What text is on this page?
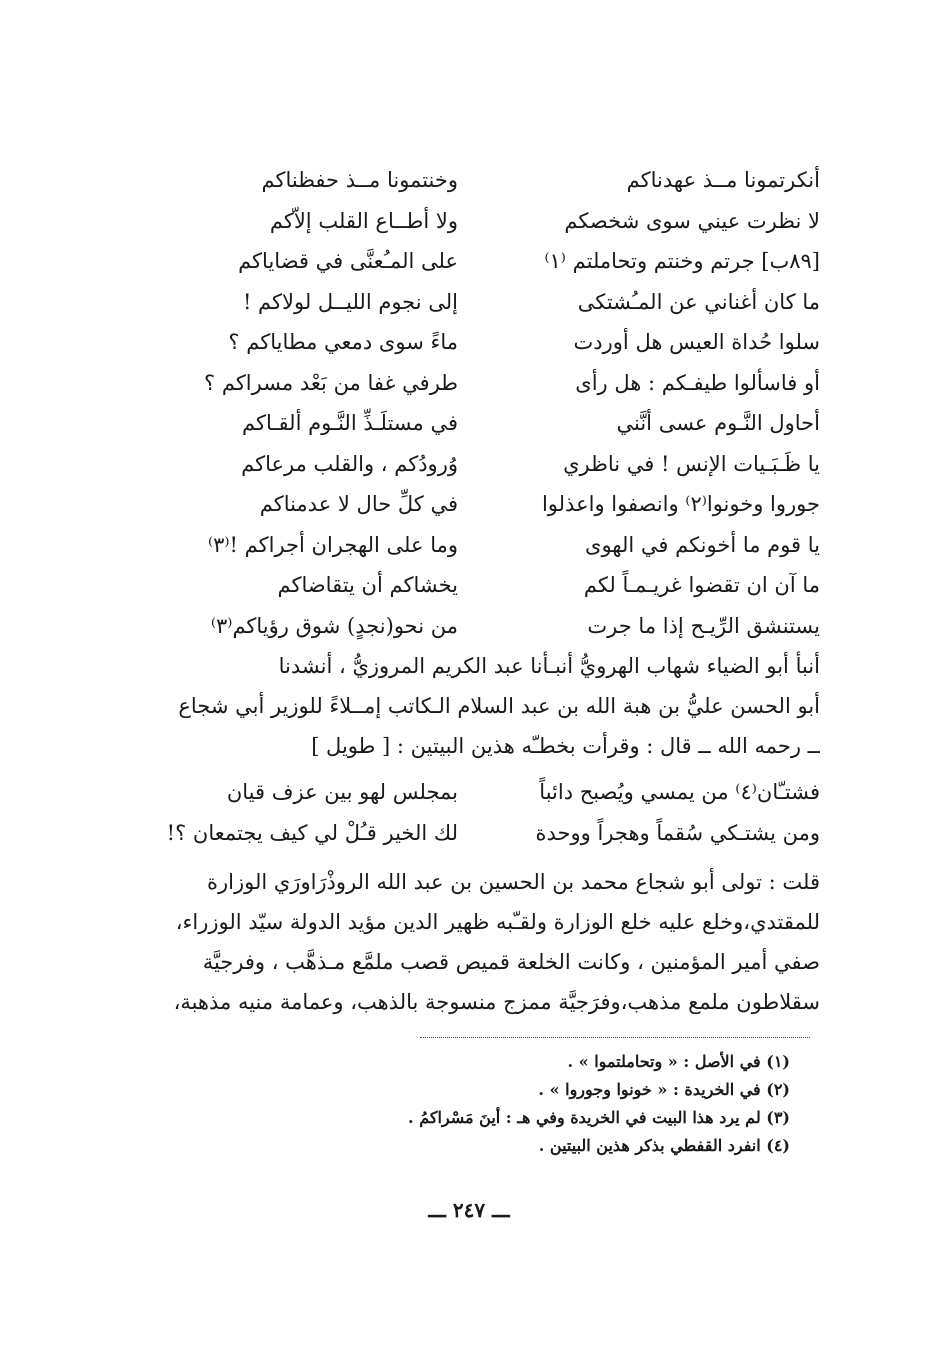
أنكرتمونا مــذ عهدناكم
وخنتمونا مــذ حفظناكم
لا نظرت عيني سوى شخصكم
ولا أطــاع القلب إلاّكم
[٨٩ب] جرتم وخنتم وتحاملتم ⁽١⁾
على المـُعنَّى في قضاياكم
ما كان أغناني عن المـُشتكى
إلى نجوم الليــل لولاكم !
سلوا حُداة العيس هل أوردت
ماءً سوى دمعي مطاياكم ؟
أو فاسألوا طيفـكم : هل رأى
طرفي غفا من بَعْد مسراكم ؟
أحاول النَّـوم عسى أنَّني
في مستلَـذِّ النَّـوم ألقـاكم
يا ظَـبَـيات الإنس ! في ناظري
وُرودُكم ، والقلب مرعاكم
جوروا وخونوا⁽٢⁾ وانصفوا واعذلوا
في كلِّ حال لا عدمناكم
يا قوم ما أخونكم في الهوى
وما على الهجران أجراكم !⁽٣⁾
ما آن ان تقضوا غريـمـاً لكم
يخشاكم أن يتقاضاكم
يستنشق الرِّيـح إذا ما جرت
من نحو(نجدٍ) شوق رؤياكم⁽٣⁾
أنبأ أبو الضياء شهاب الهرويُّ أنبـأنا عبد الكريم المروزيُّ ، أنشدنا
أبو الحسن عليُّ بن هبة الله بن عبد السلام الـكاتب إمــلاءً للوزير أبي شجاع
ــ رحمه الله ــ قال : وقرأت بخطـّه هذين البيتين : [ طويل ]
فشتـّان⁽٤⁾ من يمسي ويُصبح دائباً
بمجلس لهو بين عزف قيان
ومن يشتـكي سُقماً وهجراً ووحدة
لك الخير قـُلْ لي كيف يجتمعان ؟!
قلت : تولى أبو شجاع محمد بن الحسين بن عبد الله الروذْرَاورَي الوزارة
للمقتدي،وخلع عليه خلع الوزارة ولقـّبه ظهير الدين مؤيد الدولة سيّد الوزراء،
صفي أمير المؤمنين ، وكانت الخلعة قميص قصب ملمَّع مـذهَّب ، وفرجيَّة
سقلاطون ملمع مذهب،وفرَجيَّة ممزج منسوجة بالذهب، وعمامة منيه مذهبة،
(١) في الأصل : « وتحاملتموا » .
(٢) في الخريدة : « خونوا وجوروا » .
(٣) لم يرد هذا البيت في الخريدة وفي هـ : أينَ مَسْراكمُ .
(٤) انفرد القفطي بذكر هذين البيتين .
ـــ ٢٤٧ ـــ
